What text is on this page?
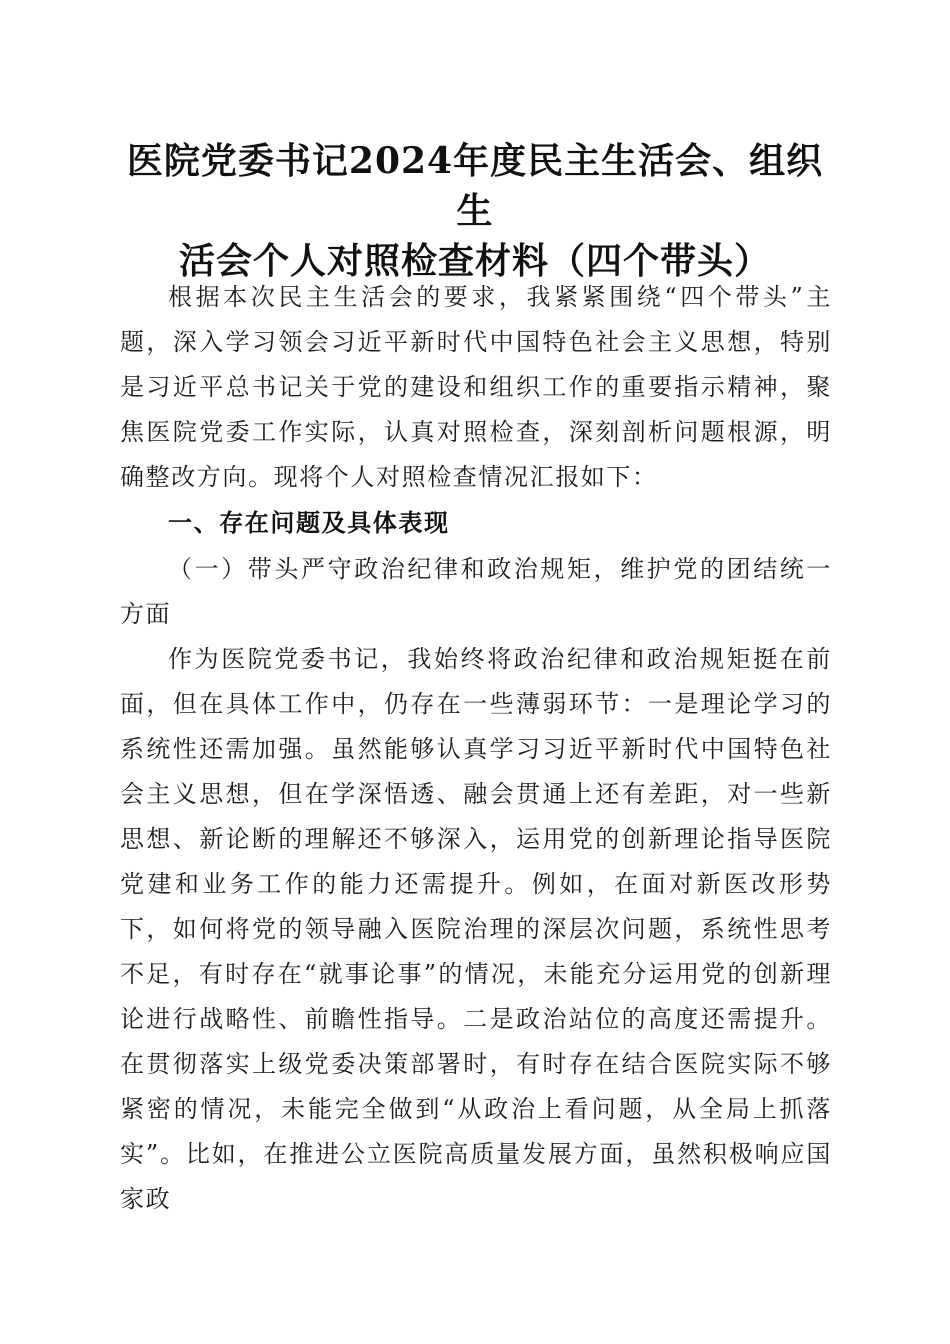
医院党委书记2024年度民主生活会、组织生
活会个人对照检查材料（四个带头）

根据本次民主生活会的要求，我紧紧围绕“四个带头”主题，深入学习领会习近平新时代中国特色社会主义思想，特别是习近平总书记关于党的建设和组织工作的重要指示精神，聚焦医院党委工作实际，认真对照检查，深刻剖析问题根源，明确整改方向。现将个人对照检查情况汇报如下：

一、存在问题及具体表现

（一）带头严守政治纪律和政治规矩，维护党的团结统一方面

作为医院党委书记，我始终将政治纪律和政治规矩挺在前面，但在具体工作中，仍存在一些薄弱环节：一是理论学习的系统性还需加强。虽然能够认真学习习近平新时代中国特色社会主义思想，但在学深悟透、融会贯通上还有差距，对一些新思想、新论断的理解还不够深入，运用党的创新理论指导医院党建和业务工作的能力还需提升。例如，在面对新医改形势下，如何将党的领导融入医院治理的深层次问题，系统性思考不足，有时存在“就事论事”的情况，未能充分运用党的创新理论进行战略性、前瞻性指导。二是政治站位的高度还需提升。在贯彻落实上级党委决策部署时，有时存在结合医院实际不够紧密的情况，未能完全做到“从政治上看问题，从全局上抓落实”。比如，在推进公立医院高质量发展方面，虽然积极响应国家政
